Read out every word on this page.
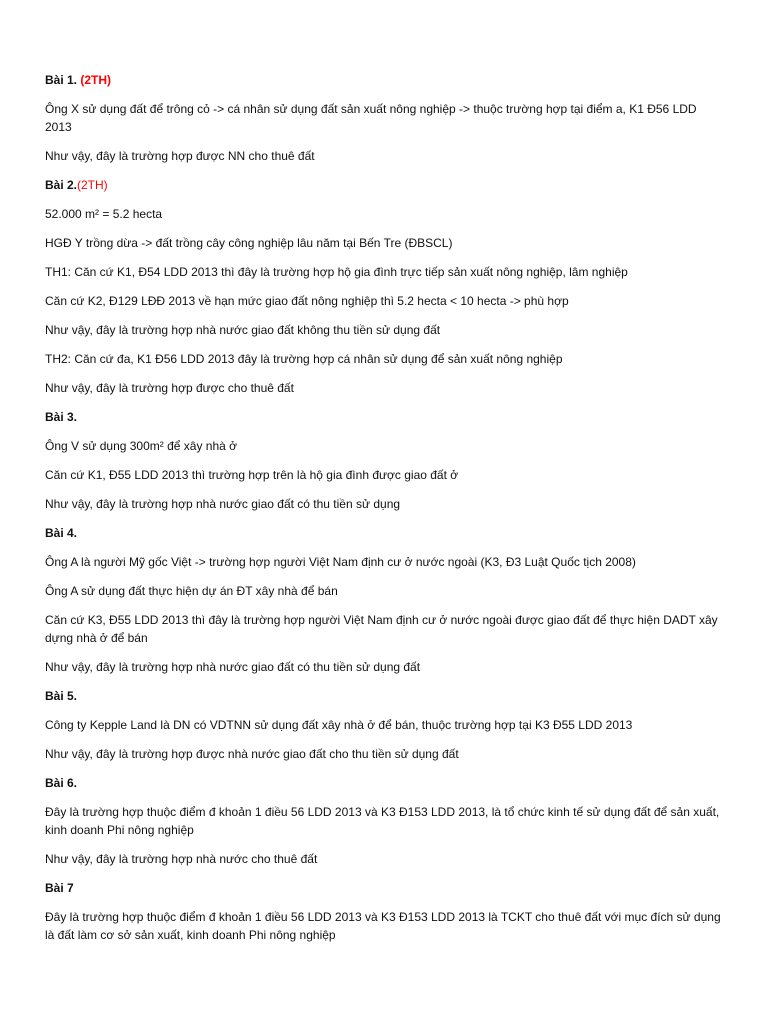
Bài 1. (2TH)

Ông X sử dụng đất để trông cỏ -> cá nhân sử dụng đất sản xuất nông nghiệp -> thuộc trường hợp tại điểm a, K1 Đ56 LDD 2013

Như vậy, đây là trường hợp được NN cho thuê đất

Bài 2.(2TH)

52.000 m² = 5.2 hecta

HGĐ Y trồng dừa -> đất trồng cây công nghiệp lâu năm tại Bến Tre (ĐBSCL)

TH1: Căn cứ K1, Đ54 LDD 2013 thì đây là trường hợp hộ gia đình trực tiếp sản xuất nông nghiệp, lâm nghiệp

Căn cứ K2, Đ129 LĐĐ 2013 về hạn mức giao đất nông nghiệp thì 5.2 hecta < 10 hecta -> phù hợp

Như vậy, đây là trường hợp nhà nước giao đất không thu tiền sử dụng đất

TH2: Căn cứ đa, K1 Đ56 LDD 2013 đây là trường hợp cá nhân sử dụng để sản xuất nông nghiệp

Như vậy, đây là trường hợp được cho thuê đất

Bài 3.

Ông V sử dụng 300m² để xây nhà ở

Căn cứ K1, Đ55 LDD 2013 thì trường hợp trên là hộ gia đình được giao đất ở

Như vậy, đây là trường hợp nhà nước giao đất có thu tiền sử dụng

Bài 4.

Ông A là người Mỹ gốc Việt -> trường hợp người Việt Nam định cư ở nước ngoài (K3, Đ3 Luật Quốc tịch 2008)

Ông A sử dụng đất thực hiện dự án ĐT xây nhà để bán

Căn cứ K3, Đ55 LDD 2013 thì đây là trường hợp người Việt Nam định cư ở nước ngoài được giao đất để thực hiện DADT xây dựng nhà ở để bán

Như vậy, đây là trường hợp nhà nước giao đất có thu tiền sử dụng đất

Bài 5.

Công ty Kepple Land là DN có VDTNN sử dụng đất xây nhà ở để bán, thuộc trường hợp tại K3 Đ55 LDD 2013

Như vậy, đây là trường hợp được nhà nước giao đất cho thu tiền sử dụng đất

Bài 6.

Đây là trường hợp thuộc điểm đ khoản 1 điều 56 LDD 2013 và K3 Đ153 LDD 2013, là tổ chức kinh tế sử dụng đất để sản xuất, kinh doanh Phi nông nghiệp

Như vậy, đây là trường hợp nhà nước cho thuê đất

Bài 7

Đây là trường hợp thuộc điểm đ khoản 1 điều 56 LDD 2013 và K3 Đ153 LDD 2013 là TCKT cho thuê đất với mục đích sử dụng là đất làm cơ sở sản xuất, kinh doanh Phi nông nghiệp
